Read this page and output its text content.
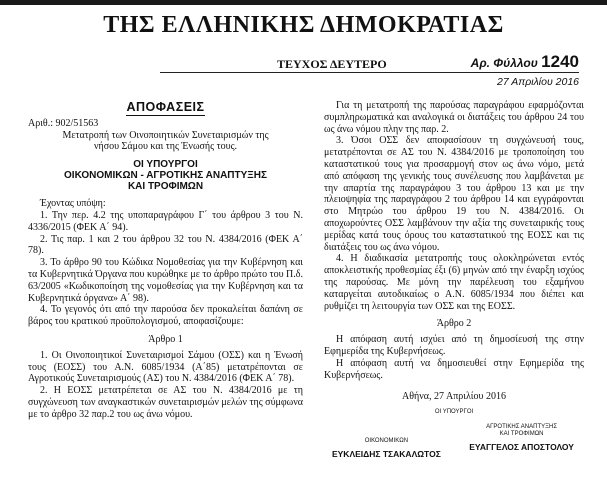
ΤΗΣ ΕΛΛΗΝΙΚΗΣ ΔΗΜΟΚΡΑΤΙΑΣ
ΤΕΥΧΟΣ ΔΕΥΤΕΡΟ	Αρ. Φύλλου 1240
27 Απριλίου 2016
ΑΠΟΦΑΣΕΙΣ

Αριθ.: 902/51563

Μετατροπή των Οινοποιητικών Συνεταιρισμών της νήσου Σάμου και της Ένωσής τους.

ΟΙ ΥΠΟΥΡΓΟΙ
ΟΙΚΟΝΟΜΙΚΩΝ - ΑΓΡΟΤΙΚΗΣ ΑΝΑΠΤΥΞΗΣ
ΚΑΙ ΤΡΟΦΙΜΩΝ

Έχοντας υπόψη:

1. Την περ. 4.2 της υποπαραγράφου Γ΄ του άρθρου 3 του Ν. 4336/2015 (ΦΕΚ Α΄ 94).

2. Τις παρ. 1 και 2 του άρθρου 32 του Ν. 4384/2016 (ΦΕΚ Α΄ 78).

3. Το άρθρο 90 του Κώδικα Νομοθεσίας για την Κυβέρνηση και τα Κυβερνητικά Όργανα που κυρώθηκε με το άρθρο πρώτο του Π.δ. 63/2005 «Κωδικοποίηση της νομοθεσίας για την Κυβέρνηση και τα Κυβερνητικά όργανα» Α΄ 98).

4. Το γεγονός ότι από την παρούσα δεν προκαλείται δαπάνη σε βάρος του κρατικού προϋπολογισμού, αποφασίζουμε:

Άρθρο 1

1. Οι Οινοποιητικοί Συνεταιρισμοί Σάμου (ΟΣΣ) και η Ένωσή τους (ΕΟΣΣ) του Α.Ν. 6085/1934 (Α΄85) μετατρέπονται σε Αγροτικούς Συνεταιρισμούς (ΑΣ) του Ν. 4384/2016 (ΦΕΚ Α΄ 78).

2. Η ΕΟΣΣ μετατρέπεται σε ΑΣ του Ν. 4384/2016 με τη συγχώνευση των αναγκαστικών συνεταιρισμών μελών της σύμφωνα με το άρθρο 32 παρ.2 του ως άνω νόμου.

Για τη μετατροπή της παρούσας παραγράφου εφαρμόζονται συμπληρωματικά και αναλογικά οι διατάξεις του άρθρου 24 του ως άνω νόμου πλην της παρ. 2.

3. Όσοι ΟΣΣ δεν αποφασίσουν τη συγχώνευσή τους, μετατρέπονται σε ΑΣ του Ν. 4384/2016 με τροποποίηση του καταστατικού τους για προσαρμογή στον ως άνω νόμο, μετά από απόφαση της γενικής τους συνέλευσης που λαμβάνεται με την απαρτία της παραγράφου 3 του άρθρου 13 και με την πλειοψηφία της παραγράφου 2 του άρθρου 14 και εγγράφονται στο Μητρώο του άρθρου 19 του Ν. 4384/2016. Οι αποχωρούντες ΟΣΣ λαμβάνουν την αξία της συνεταιρικής τους μερίδας κατά τους όρους του καταστατικού της ΕΟΣΣ και τις διατάξεις του ως άνω νόμου.

4. Η διαδικασία μετατροπής τους ολοκληρώνεται εντός αποκλειστικής προθεσμίας έξι (6) μηνών από την έναρξη ισχύος της παρούσας. Με μόνη την παρέλευση του εξαμήνου καταργείται αυτοδικαίως ο Α.Ν. 6085/1934 που διέπει και ρυθμίζει τη λειτουργία των ΟΣΣ και της ΕΟΣΣ.

Άρθρο 2

Η απόφαση αυτή ισχύει από τη δημοσίευσή της στην Εφημερίδα της Κυβερνήσεως.

Η απόφαση αυτή να δημοσιευθεί στην Εφημερίδα της Κυβερνήσεως.

Αθήνα, 27 Απριλίου 2016
ΟΙ ΥΠΟΥΡΓΟΙ
ΟΙΚΟΝΟΜΙΚΩΝ
ΕΥΚΛΕΙΔΗΣ ΤΣΑΚΑΛΩΤΟΣ
ΑΓΡΟΤΙΚΗΣ ΑΝΑΠΤΥΞΗΣ
ΚΑΙ ΤΡΟΦΙΜΩΝ
ΕΥΑΓΓΕΛΟΣ ΑΠΟΣΤΟΛΟΥ
